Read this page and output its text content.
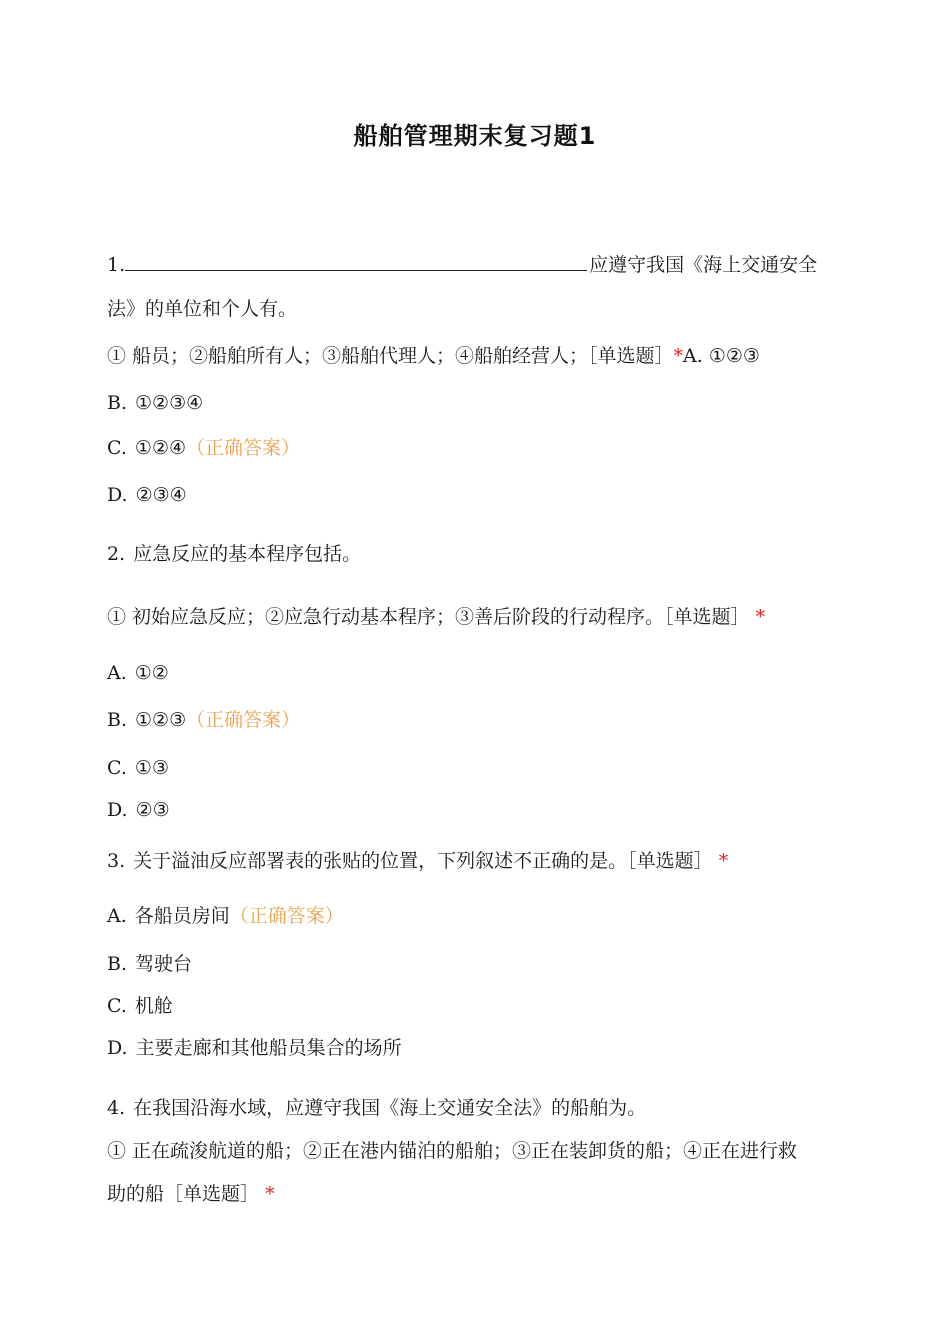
船舶管理期末复习题1
1.	应遵守我国《海上交通安全
法》的单位和个人有。
① 船员；②船舶所有人；③船舶代理人；④船舶经营人；［单选题］*A. ①②③
B. ①②③④
C. ①②④（正确答案）
D. ②③④
2. 应急反应的基本程序包括。
① 初始应急反应；②应急行动基本程序；③善后阶段的行动程序。［单选题］ *
A. ①②
B. ①②③（正确答案）
C. ①③
D. ②③
3. 关于溢油反应部署表的张贴的位置，下列叙述不正确的是。［单选题］ *
A. 各船员房间（正确答案）
B. 驾驶台
C. 机舱
D. 主要走廊和其他船员集合的场所
4. 在我国沿海水域，应遵守我国《海上交通安全法》的船舶为。
① 正在疏浚航道的船；②正在港内锚泊的船舶；③正在装卸货的船；④正在进行救
助的船［单选题］ *
